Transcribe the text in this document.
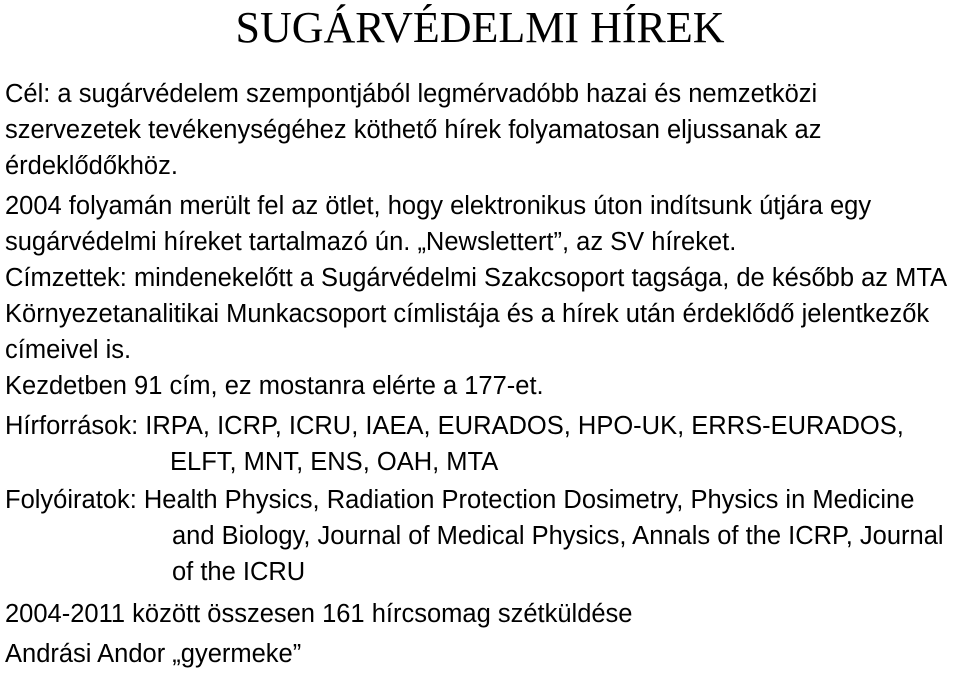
SUGÁRVÉDELMI HÍREK

Cél: a sugárvédelem szempontjából legmérvadóbb hazai és nemzetközi szervezetek tevékenységéhez köthető hírek folyamatosan eljussanak az érdeklődőkhöz.

2004 folyamán merült fel az ötlet, hogy elektronikus úton indítsunk útjára egy sugárvédelmi híreket tartalmazó ún. „Newslettert”, az SV híreket.

Címzettek: mindenekelőtt a Sugárvédelmi Szakcsoport tagsága, de később az MTA Környezetanalitikai Munkacsoport címlistája és a hírek után érdeklődő jelentkezők címeivel is.

Kezdetben 91 cím, ez mostanra elérte a 177-et.

Hírforrások: IRPA, ICRP, ICRU, IAEA, EURADOS, HPO-UK, ERRS-EURADOS, ELFT, MNT, ENS, OAH, MTA

Folyóiratok: Health Physics, Radiation Protection Dosimetry, Physics in Medicine and Biology, Journal of Medical Physics, Annals of the ICRP, Journal of the ICRU

2004-2011 között összesen 161 hírcsomag szétküldése

Andrási Andor „gyermeke”
